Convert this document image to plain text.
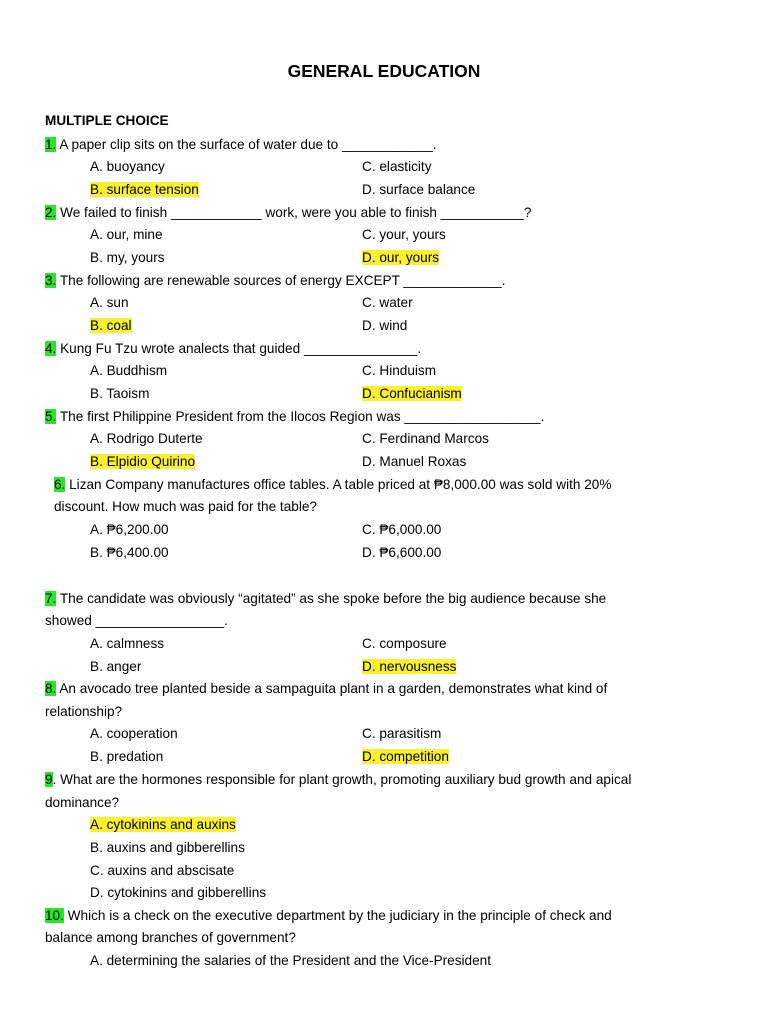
GENERAL EDUCATION
MULTIPLE CHOICE
1. A paper clip sits on the surface of water due to ____________.
A. buoyancy	C. elasticity
B. surface tension	D. surface balance
2. We failed to finish ____________ work, were you able to finish ___________?
A. our, mine	C. your, yours
B. my, yours	D. our, yours
3. The following are renewable sources of energy EXCEPT _____________.
A. sun	C. water
B. coal	D. wind
4. Kung Fu Tzu wrote analects that guided _______________.
A. Buddhism	C. Hinduism
B. Taoism	D. Confucianism
5. The first Philippine President from the Ilocos Region was __________________.
A. Rodrigo Duterte	C. Ferdinand Marcos
B. Elpidio Quirino	D. Manuel Roxas
6. Lizan Company manufactures office tables. A table priced at ₱8,000.00 was sold with 20%
discount. How much was paid for the table?
A. ₱6,200.00	C. ₱6,000.00
B. ₱6,400.00	D. ₱6,600.00
7. The candidate was obviously “agitated” as she spoke before the big audience because she
showed _________________.
A. calmness	C. composure
B. anger	D. nervousness
8. An avocado tree planted beside a sampaguita plant in a garden, demonstrates what kind of
relationship?
A. cooperation	C. parasitism
B. predation	D. competition
9. What are the hormones responsible for plant growth, promoting auxiliary bud growth and apical
dominance?
A. cytokinins and auxins
B. auxins and gibberellins
C. auxins and abscisate
D. cytokinins and gibberellins
10. Which is a check on the executive department by the judiciary in the principle of check and
balance among branches of government?
A. determining the salaries of the President and the Vice-President
